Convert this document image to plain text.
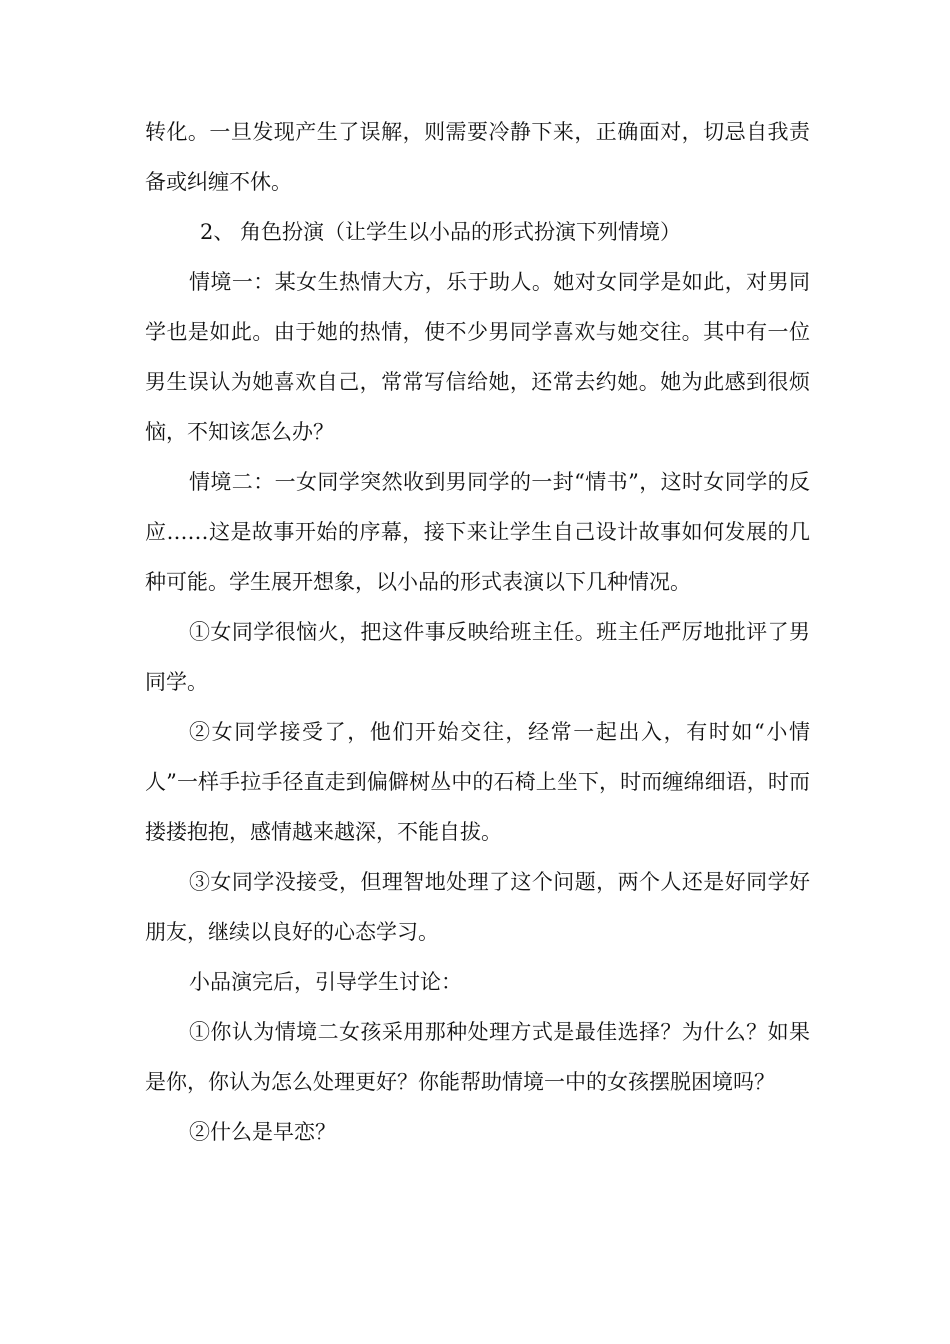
转化。一旦发现产生了误解，则需要冷静下来，正确面对，切忌自我责备或纠缠不休。

2、 角色扮演（让学生以小品的形式扮演下列情境）

情境一：某女生热情大方，乐于助人。她对女同学是如此，对男同学也是如此。由于她的热情，使不少男同学喜欢与她交往。其中有一位男生误认为她喜欢自己，常常写信给她，还常去约她。她为此感到很烦恼，不知该怎么办？

情境二：一女同学突然收到男同学的一封“情书”，这时女同学的反应……这是故事开始的序幕，接下来让学生自己设计故事如何发展的几种可能。学生展开想象，以小品的形式表演以下几种情况。

①女同学很恼火，把这件事反映给班主任。班主任严厉地批评了男同学。

②女同学接受了，他们开始交往，经常一起出入，有时如“小情人”一样手拉手径直走到偏僻树丛中的石椅上坐下，时而缠绵细语，时而搂搂抱抱，感情越来越深，不能自拔。

③女同学没接受，但理智地处理了这个问题，两个人还是好同学好朋友，继续以良好的心态学习。

小品演完后，引导学生讨论：

①你认为情境二女孩采用那种处理方式是最佳选择？为什么？如果是你，你认为怎么处理更好？你能帮助情境一中的女孩摆脱困境吗？

②什么是早恋？
